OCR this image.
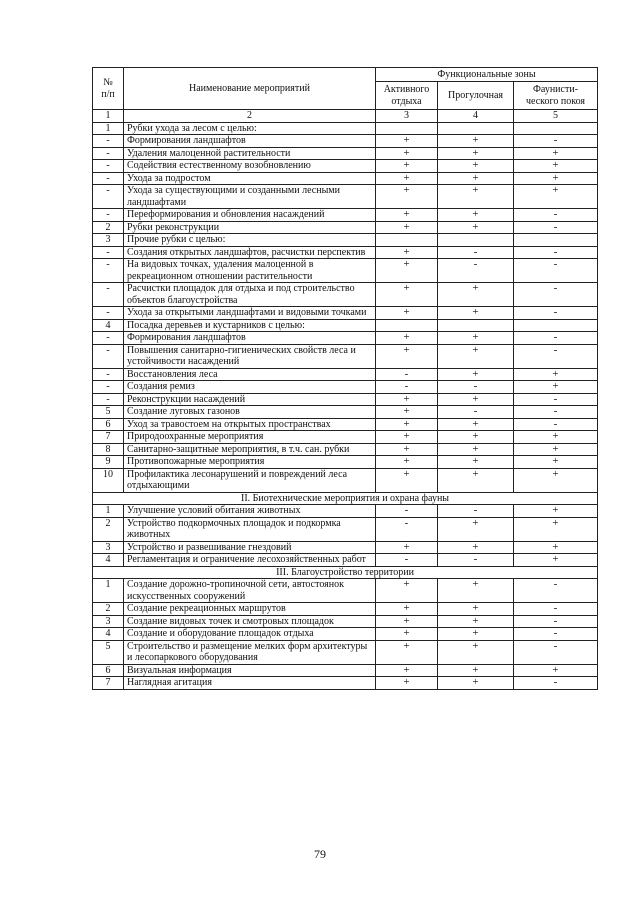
№
п/п	Наименование мероприятий	Функциональные зоны		
		Активного отдыха	Прогулочная	Фаунисти-ческого покоя
1	2	3	4	5
1	Рубки ухода за лесом с целью:			
-	Формирования ландшафтов	+	+	-
-	Удаления малоценной растительности	+	+	+
-	Содействия естественному возобновлению	+	+	+
-	Ухода за подростом	+	+	+
-	Ухода за существующими и созданными лесными ландшафтами	+	+	+
-	Переформирования и обновления насаждений	+	+	-
2	Рубки реконструкции	+	+	-
3	Прочие рубки с целью:			
-	Создания открытых ландшафтов, расчистки перспектив	+	-	-
-	На видовых точках, удаления малоценной в рекреационном отношении растительности	+	-	-
-	Расчистки площадок для отдыха и под строительство объектов благоустройства	+	+	-
-	Ухода за открытыми ландшафтами и видовыми точками	+	+	-
4	Посадка деревьев и кустарников с целью:			
-	Формирования ландшафтов	+	+	-
-	Повышения санитарно-гигиенических свойств леса и устойчивости насаждений	+	+	-
-	Восстановления леса	-	+	+
-	Создания ремиз	-	-	+
-	Реконструкции насаждений	+	+	-
5	Создание луговых газонов	+	-	-
6	Уход за травостоем на открытых пространствах	+	+	-
7	Природоохранные мероприятия	+	+	+
8	Санитарно-защитные мероприятия, в т.ч. сан. рубки	+	+	+
9	Противопожарные мероприятия	+	+	+
10	Профилактика лесонарушений и повреждений леса отдыхающими	+	+	+
II. Биотехнические мероприятия и охрана фауны				
1	Улучшение условий обитания животных	-	-	+
2	Устройство подкормочных площадок и подкормка животных	-	+	+
3	Устройство и развешивание гнездовий	+	+	+
4	Регламентация и ограничение лесохозяйственных работ	-	-	+
III. Благоустройство территории				
1	Создание дорожно-тропиночной сети, автостоянок искусственных сооружений	+	+	-
2	Создание рекреационных маршрутов	+	+	-
3	Создание видовых точек и смотровых площадок	+	+	-
4	Создание и оборудование площадок отдыха	+	+	-
5	Строительство и размещение мелких форм архитектуры и лесопаркового оборудования	+	+	-
6	Визуальная информация	+	+	+
7	Наглядная агитация	+	+	-
79
